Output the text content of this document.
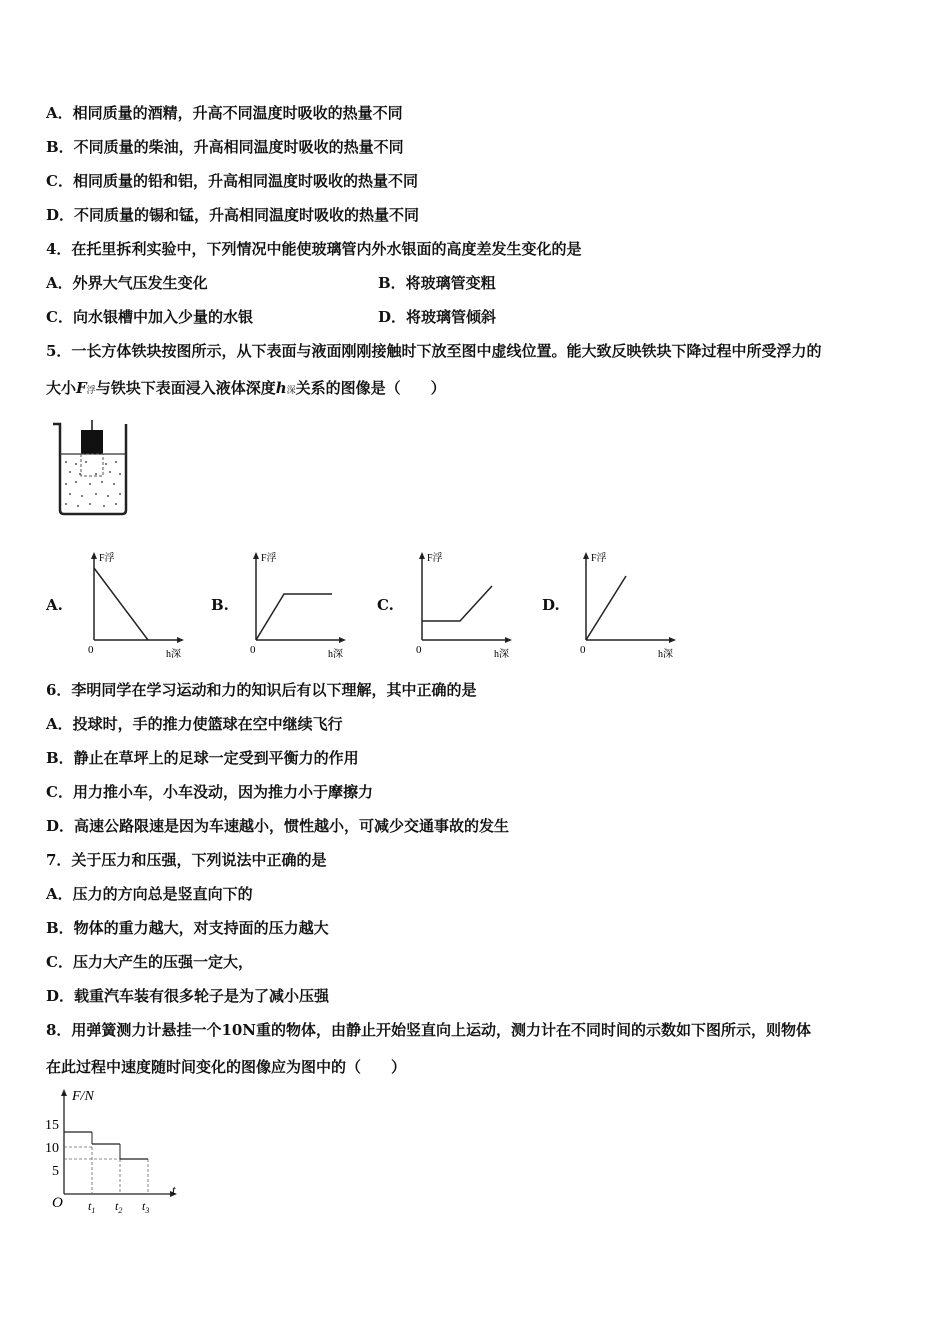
A．相同质量的酒精，升高不同温度时吸收的热量不同
B．不同质量的柴油，升高相同温度时吸收的热量不同
C．相同质量的铅和铝，升高相同温度时吸收的热量不同
D．不同质量的锡和锰，升高相同温度时吸收的热量不同
4．在托里拆利实验中，下列情况中能使玻璃管内外水银面的高度差发生变化的是
A．外界大气压发生变化	B．将玻璃管变粗
C．向水银槽中加入少量的水银	D．将玻璃管倾斜
5．一长方体铁块按图所示，从下表面与液面刚刚接触时下放至图中虚线位置。能大致反映铁块下降过程中所受浮力的
大小F浮与铁块下表面浸入液体深度h深关系的图像是（　　）
A.	B.	C.	D.
F浮
h深
0
F浮
h深
0
F浮
h深
0
F浮
h深
0
6．李明同学在学习运动和力的知识后有以下理解，其中正确的是
A．投球时，手的推力使篮球在空中继续飞行
B．静止在草坪上的足球一定受到平衡力的作用
C．用力推小车，小车没动，因为推力小于摩擦力
D．高速公路限速是因为车速越小，惯性越小，可减少交通事故的发生
7．关于压力和压强，下列说法中正确的是
A．压力的方向总是竖直向下的
B．物体的重力越大，对支持面的压力越大
C．压力大产生的压强一定大，
D．载重汽车装有很多轮子是为了减小压强
8．用弹簧测力计悬挂一个10N重的物体，由静止开始竖直向上运动，测力计在不同时间的示数如下图所示，则物体
在此过程中速度随时间变化的图像应为图中的（　　）
F/N
t
O
15
10
5
$t_1$ $t_2$ $t_3$
